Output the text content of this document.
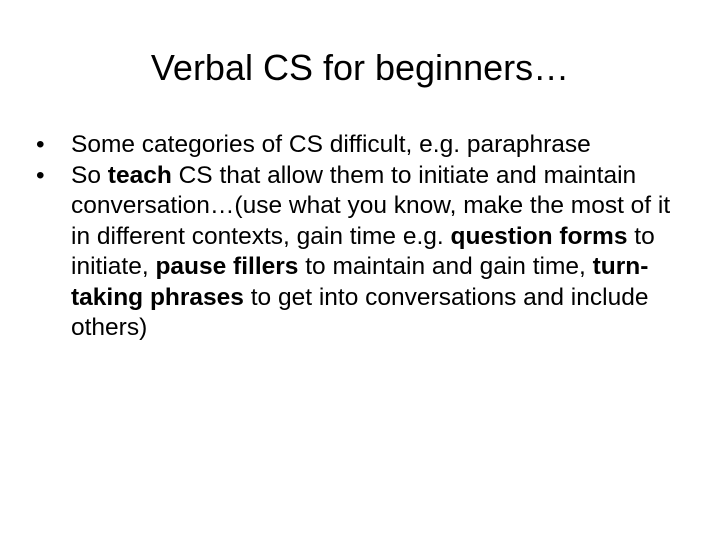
Verbal CS for beginners…
•	Some categories of CS difficult, e.g. paraphrase
•	So teach CS that allow them to initiate and maintain conversation…(use what you know, make the most of it in different contexts, gain time e.g. question forms to initiate, pause fillers to maintain and gain time, turn-taking phrases to get into conversations and include others)
